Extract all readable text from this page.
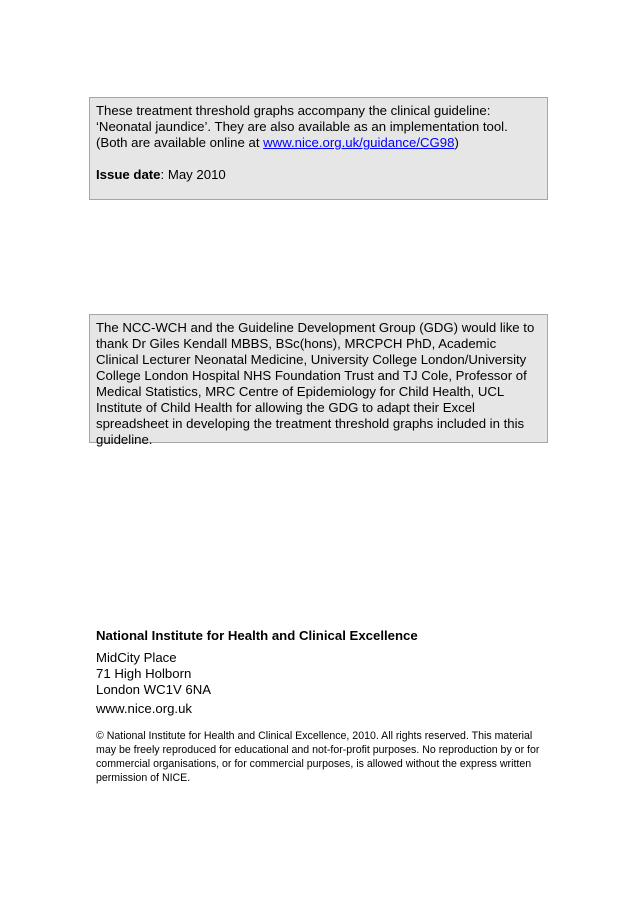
These treatment threshold graphs accompany the clinical guideline: ‘Neonatal jaundice’. They are also available as an implementation tool. (Both are available online at www.nice.org.uk/guidance/CG98)

Issue date: May 2010

The NCC-WCH and the Guideline Development Group (GDG) would like to thank Dr Giles Kendall MBBS, BSc(hons), MRCPCH PhD, Academic Clinical Lecturer Neonatal Medicine, University College London/University College London Hospital NHS Foundation Trust and TJ Cole, Professor of Medical Statistics, MRC Centre of Epidemiology for Child Health, UCL Institute of Child Health for allowing the GDG to adapt their Excel spreadsheet in developing the treatment threshold graphs included in this guideline.

National Institute for Health and Clinical Excellence
MidCity Place
71 High Holborn
London WC1V 6NA
www.nice.org.uk
© National Institute for Health and Clinical Excellence, 2010. All rights reserved. This material may be freely reproduced for educational and not-for-profit purposes. No reproduction by or for commercial organisations, or for commercial purposes, is allowed without the express written permission of NICE.
